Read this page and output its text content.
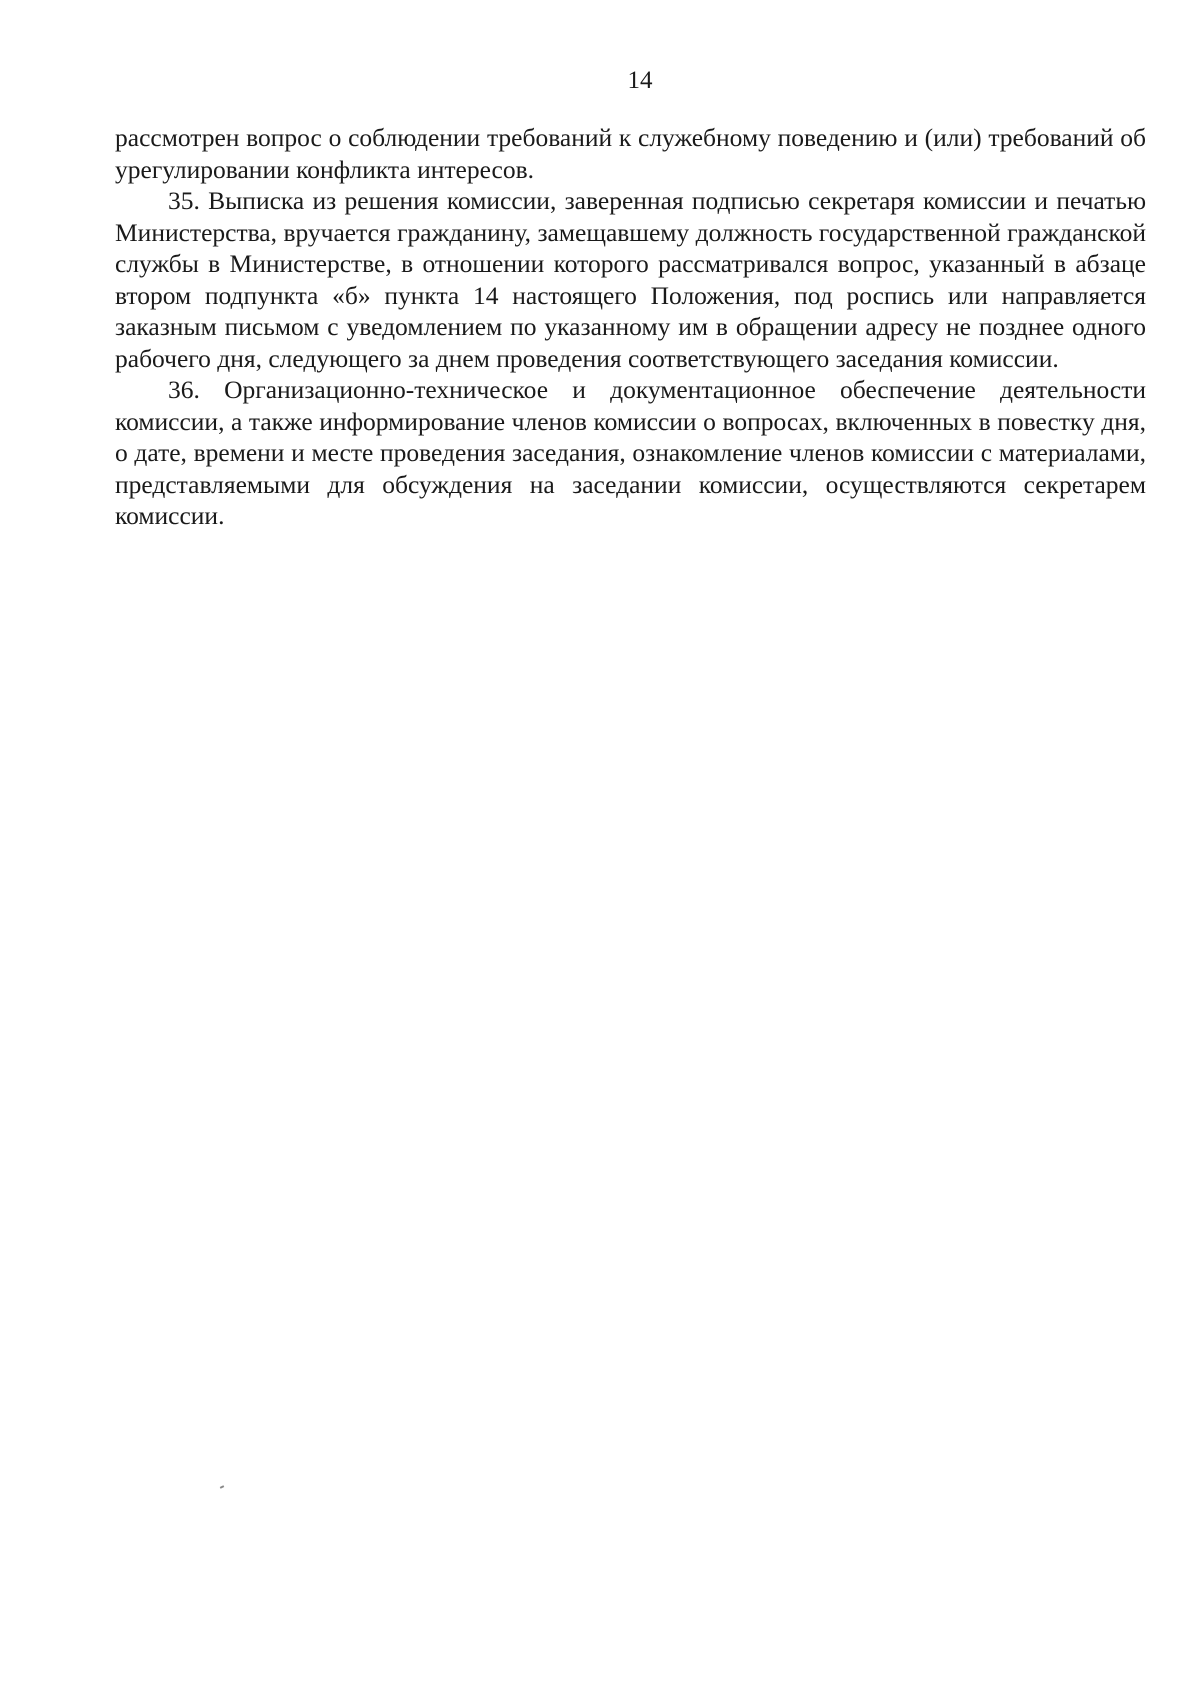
14

рассмотрен вопрос о соблюдении требований к служебному поведению и (или) требований об урегулировании конфликта интересов.

35. Выписка из решения комиссии, заверенная подписью секретаря комиссии и печатью Министерства, вручается гражданину, замещавшему должность государственной гражданской службы в Министерстве, в отношении которого рассматривался вопрос, указанный в абзаце втором подпункта «б» пункта 14 настоящего Положения, под роспись или направляется заказным письмом с уведомлением по указанному им в обращении адресу не позднее одного рабочего дня, следующего за днем проведения соответствующего заседания комиссии.

36. Организационно-техническое и документационное обеспечение деятельности комиссии, а также информирование членов комиссии о вопросах, включенных в повестку дня, о дате, времени и месте проведения заседания, ознакомление членов комиссии с материалами, представляемыми для обсуждения на заседании комиссии, осуществляются секретарем комиссии.
